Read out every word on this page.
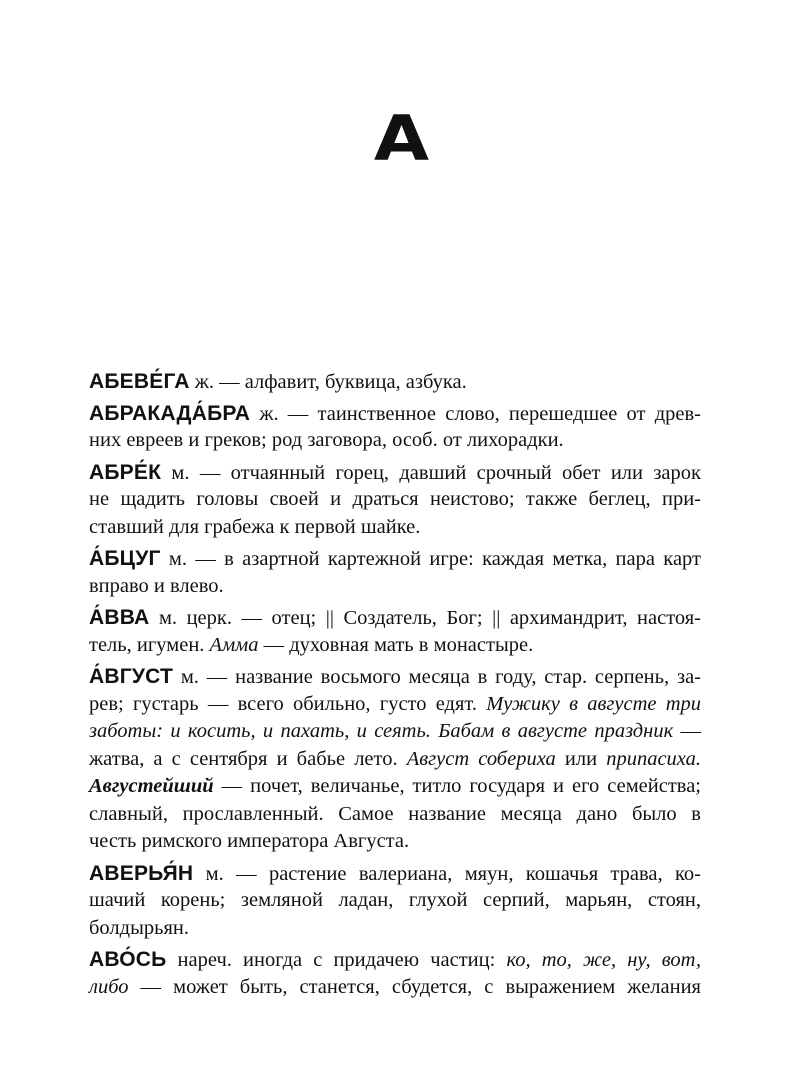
А
АБЕВЕ́ГА ж. — алфавит, буквица, азбука.
АБРАКАДА́БРА ж. — таинственное слово, перешедшее от древ-
них евреев и греков; род заговора, особ. от лихорадки.
АБРЕ́К м. — отчаянный горец, давший срочный обет или зарок
не щадить головы своей и драться неистово; также беглец, при-
ставший для грабежа к первой шайке.
А́БЦУГ м. — в азартной картежной игре: каждая метка, пара карт
вправо и влево.
А́ВВА м. церк. — отец; || Создатель, Бог; || архимандрит, настоя-
тель, игумен. Амма — духовная мать в монастыре.
А́ВГУСТ м. — название восьмого месяца в году, стар. серпень, за-
рев; густарь — всего обильно, густо едят. Мужику в августе три
заботы: и косить, и пахать, и сеять. Бабам в августе праздник —
жатва, а с сентября и бабье лето. Август собериха или припасиха.
Августейший — почет, величанье, титло государя и его семейства;
славный, прославленный. Самое название месяца дано было в
честь римского императора Августа.
АВЕРЬЯ́Н м. — растение валериана, мяун, кошачья трава, ко-
шачий корень; земляной ладан, глухой серпий, марьян, стоян,
болдырьян.
АВО́СЬ нареч. иногда с придачею частиц: ко, то, же, ну, вот,
либо — может быть, станется, сбудется, с выражением желания
